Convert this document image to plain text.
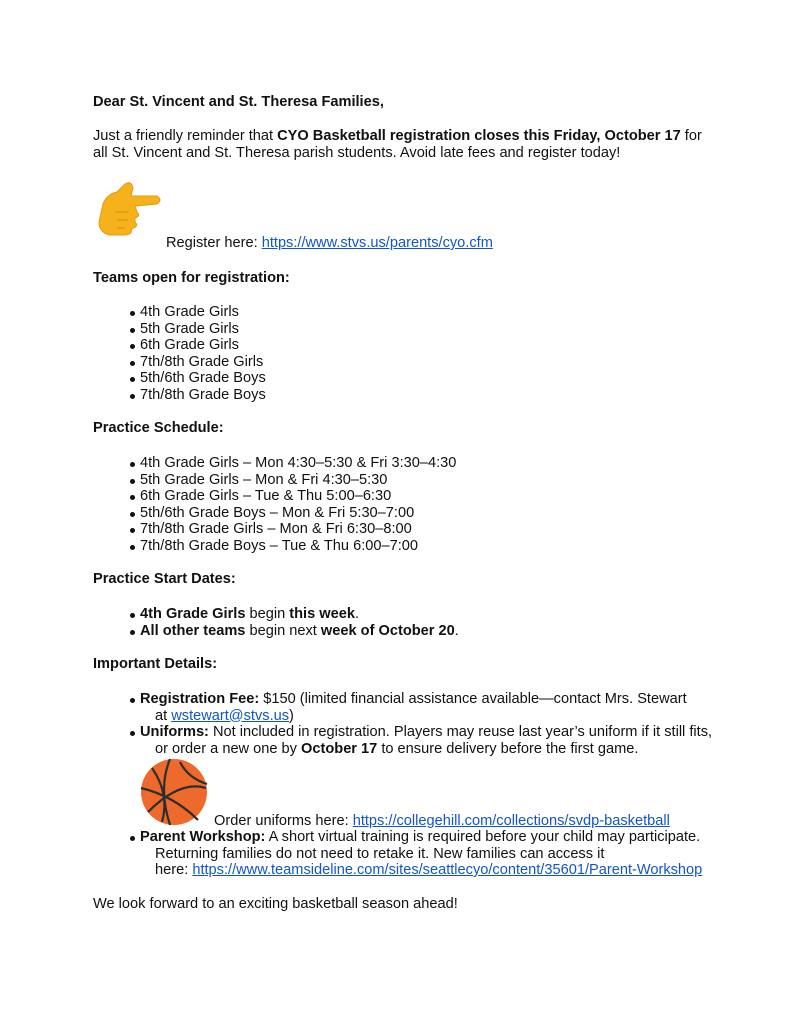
Dear St. Vincent and St. Theresa Families,
Just a friendly reminder that CYO Basketball registration closes this Friday, October 17 for
all St. Vincent and St. Theresa parish students. Avoid late fees and register today!
Register here: https://www.stvs.us/parents/cyo.cfm
Teams open for registration:
4th Grade Girls
5th Grade Girls
6th Grade Girls
7th/8th Grade Girls
5th/6th Grade Boys
7th/8th Grade Boys
Practice Schedule:
4th Grade Girls – Mon 4:30–5:30 & Fri 3:30–4:30
5th Grade Girls – Mon & Fri 4:30–5:30
6th Grade Girls – Tue & Thu 5:00–6:30
5th/6th Grade Boys – Mon & Fri 5:30–7:00
7th/8th Grade Girls – Mon & Fri 6:30–8:00
7th/8th Grade Boys – Tue & Thu 6:00–7:00
Practice Start Dates:
4th Grade Girls begin this week.
All other teams begin next week of October 20.
Important Details:
Registration Fee: $150 (limited financial assistance available—contact Mrs. Stewart
at wstewart@stvs.us)
Uniforms: Not included in registration. Players may reuse last year’s uniform if it still fits,
or order a new one by October 17 to ensure delivery before the first game.
Order uniforms here: https://collegehill.com/collections/svdp-basketball
Parent Workshop: A short virtual training is required before your child may participate.
Returning families do not need to retake it. New families can access it
here: https://www.teamsideline.com/sites/seattlecyo/content/35601/Parent-Workshop
We look forward to an exciting basketball season ahead!
